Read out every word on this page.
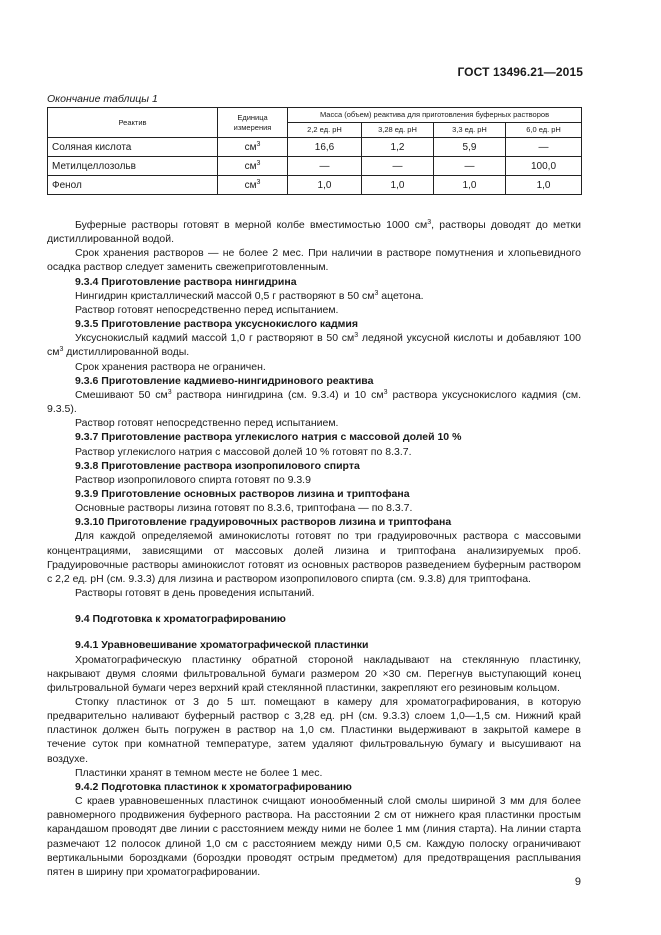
ГОСТ 13496.21—2015
Окончание таблицы 1
Реактив	Единица измерения	Масса (объем) реактива для приготовления буферных растворов			
		2,2 ед. pH	3,28 ед. pH	3,3 ед. pH	6,0 ед. pH
Соляная кислота	$см^3$	16,6	1,2	5,9	—
Метилцеллозольв	$см^3$	—	—	—	100,0
Фенол	$см^3$	1,0	1,0	1,0	1,0

Буферные растворы готовят в мерной колбе вместимостью 1000 $см^3$, растворы доводят до метки дистиллированной водой.

Срок хранения растворов — не более 2 мес. При наличии в растворе помутнения и хлопьевидного осадка раствор следует заменить свежеприготовленным.

9.3.4 Приготовление раствора нингидрина

Нингидрин кристаллический массой 0,5 г растворяют в 50 $см^3$ ацетона.

Раствор готовят непосредственно перед испытанием.

9.3.5 Приготовление раствора уксуснокислого кадмия

Уксуснокислый кадмий массой 1,0 г растворяют в 50 $см^3$ ледяной уксусной кислоты и добавляют 100 $см^3$ дистиллированной воды.

Срок хранения раствора не ограничен.

9.3.6 Приготовление кадмиево-нингидринового реактива

Смешивают 50 $см^3$ раствора нингидрина (см. 9.3.4) и 10 $см^3$ раствора уксуснокислого кадмия (см. 9.3.5).

Раствор готовят непосредственно перед испытанием.

9.3.7 Приготовление раствора углекислого натрия с массовой долей 10 %

Раствор углекислого натрия с массовой долей 10 % готовят по 8.3.7.

9.3.8 Приготовление раствора изопропилового спирта

Раствор изопропилового спирта готовят по 9.3.9

9.3.9 Приготовление основных растворов лизина и триптофана

Основные растворы лизина готовят по 8.3.6, триптофана — по 8.3.7.

9.3.10 Приготовление градуировочных растворов лизина и триптофана

Для каждой определяемой аминокислоты готовят по три градуировочных раствора с массовыми концентрациями, зависящими от массовых долей лизина и триптофана анализируемых проб. Градуировочные растворы аминокислот готовят из основных растворов разведением буферным раствором с 2,2 ед. pH (см. 9.3.3) для лизина и раствором изопропилового спирта (см. 9.3.8) для триптофана.

Растворы готовят в день проведения испытаний.

9.4 Подготовка к хроматографированию

9.4.1 Уравновешивание хроматографической пластинки

Хроматографическую пластинку обратной стороной накладывают на стеклянную пластинку, накрывают двумя слоями фильтровальной бумаги размером 20 ×30 см. Перегнув выступающий конец фильтровальной бумаги через верхний край стеклянной пластинки, закрепляют его резиновым кольцом.

Стопку пластинок от 3 до 5 шт. помещают в камеру для хроматографирования, в которую предварительно наливают буферный раствор с 3,28 ед. pH (см. 9.3.3) слоем 1,0—1,5 см. Нижний край пластинок должен быть погружен в раствор на 1,0 см. Пластинки выдерживают в закрытой камере в течение суток при комнатной температуре, затем удаляют фильтровальную бумагу и высушивают на воздухе.

Пластинки хранят в темном месте не более 1 мес.

9.4.2 Подготовка пластинок к хроматографированию

С краев уравновешенных пластинок счищают ионообменный слой смолы шириной 3 мм для более равномерного продвижения буферного раствора. На расстоянии 2 см от нижнего края пластинки простым карандашом проводят две линии с расстоянием между ними не более 1 мм (линия старта). На линии старта размечают 12 полосок длиной 1,0 см с расстоянием между ними 0,5 см. Каждую полоску ограничивают вертикальными бороздками (бороздки проводят острым предметом) для предотвращения расплывания пятен в ширину при хроматографировании.

9
